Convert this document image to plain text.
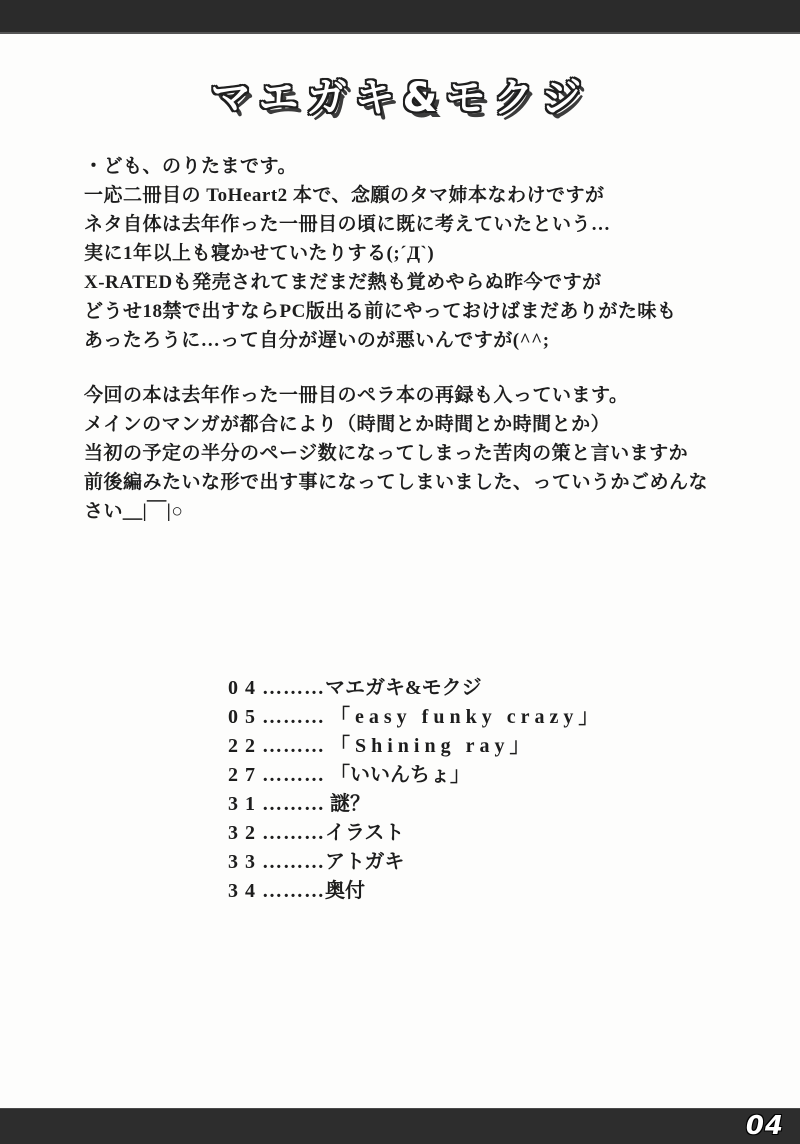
マエガキ&モクジ
・ども、のりたまです。
一応二冊目の ToHeart2 本で、念願のタマ姉本なわけですが
ネタ自体は去年作った一冊目の頃に既に考えていたという…
実に1年以上も寝かせていたりする(;´Д`)
X-RATEDも発売されてまだまだ熱も覚めやらぬ昨今ですが
どうせ18禁で出すならPC版出る前にやっておけばまだありがた味も
あったろうに…って自分が遅いのが悪いんですが(^^;
今回の本は去年作った一冊目のペラ本の再録も入っています。
メインのマンガが都合により（時間とか時間とか時間とか）
当初の予定の半分のページ数になってしまった苦肉の策と言いますか
前後編みたいな形で出す事になってしまいました、っていうかごめんなさい＿|￣|○
04………マエガキ&モクジ
05……… 「easy funky crazy」
22……… 「Shining ray」
27……… 「いいんちょ」
31……… 謎？
32………イラスト
33………アトガキ
34………奥付
04
